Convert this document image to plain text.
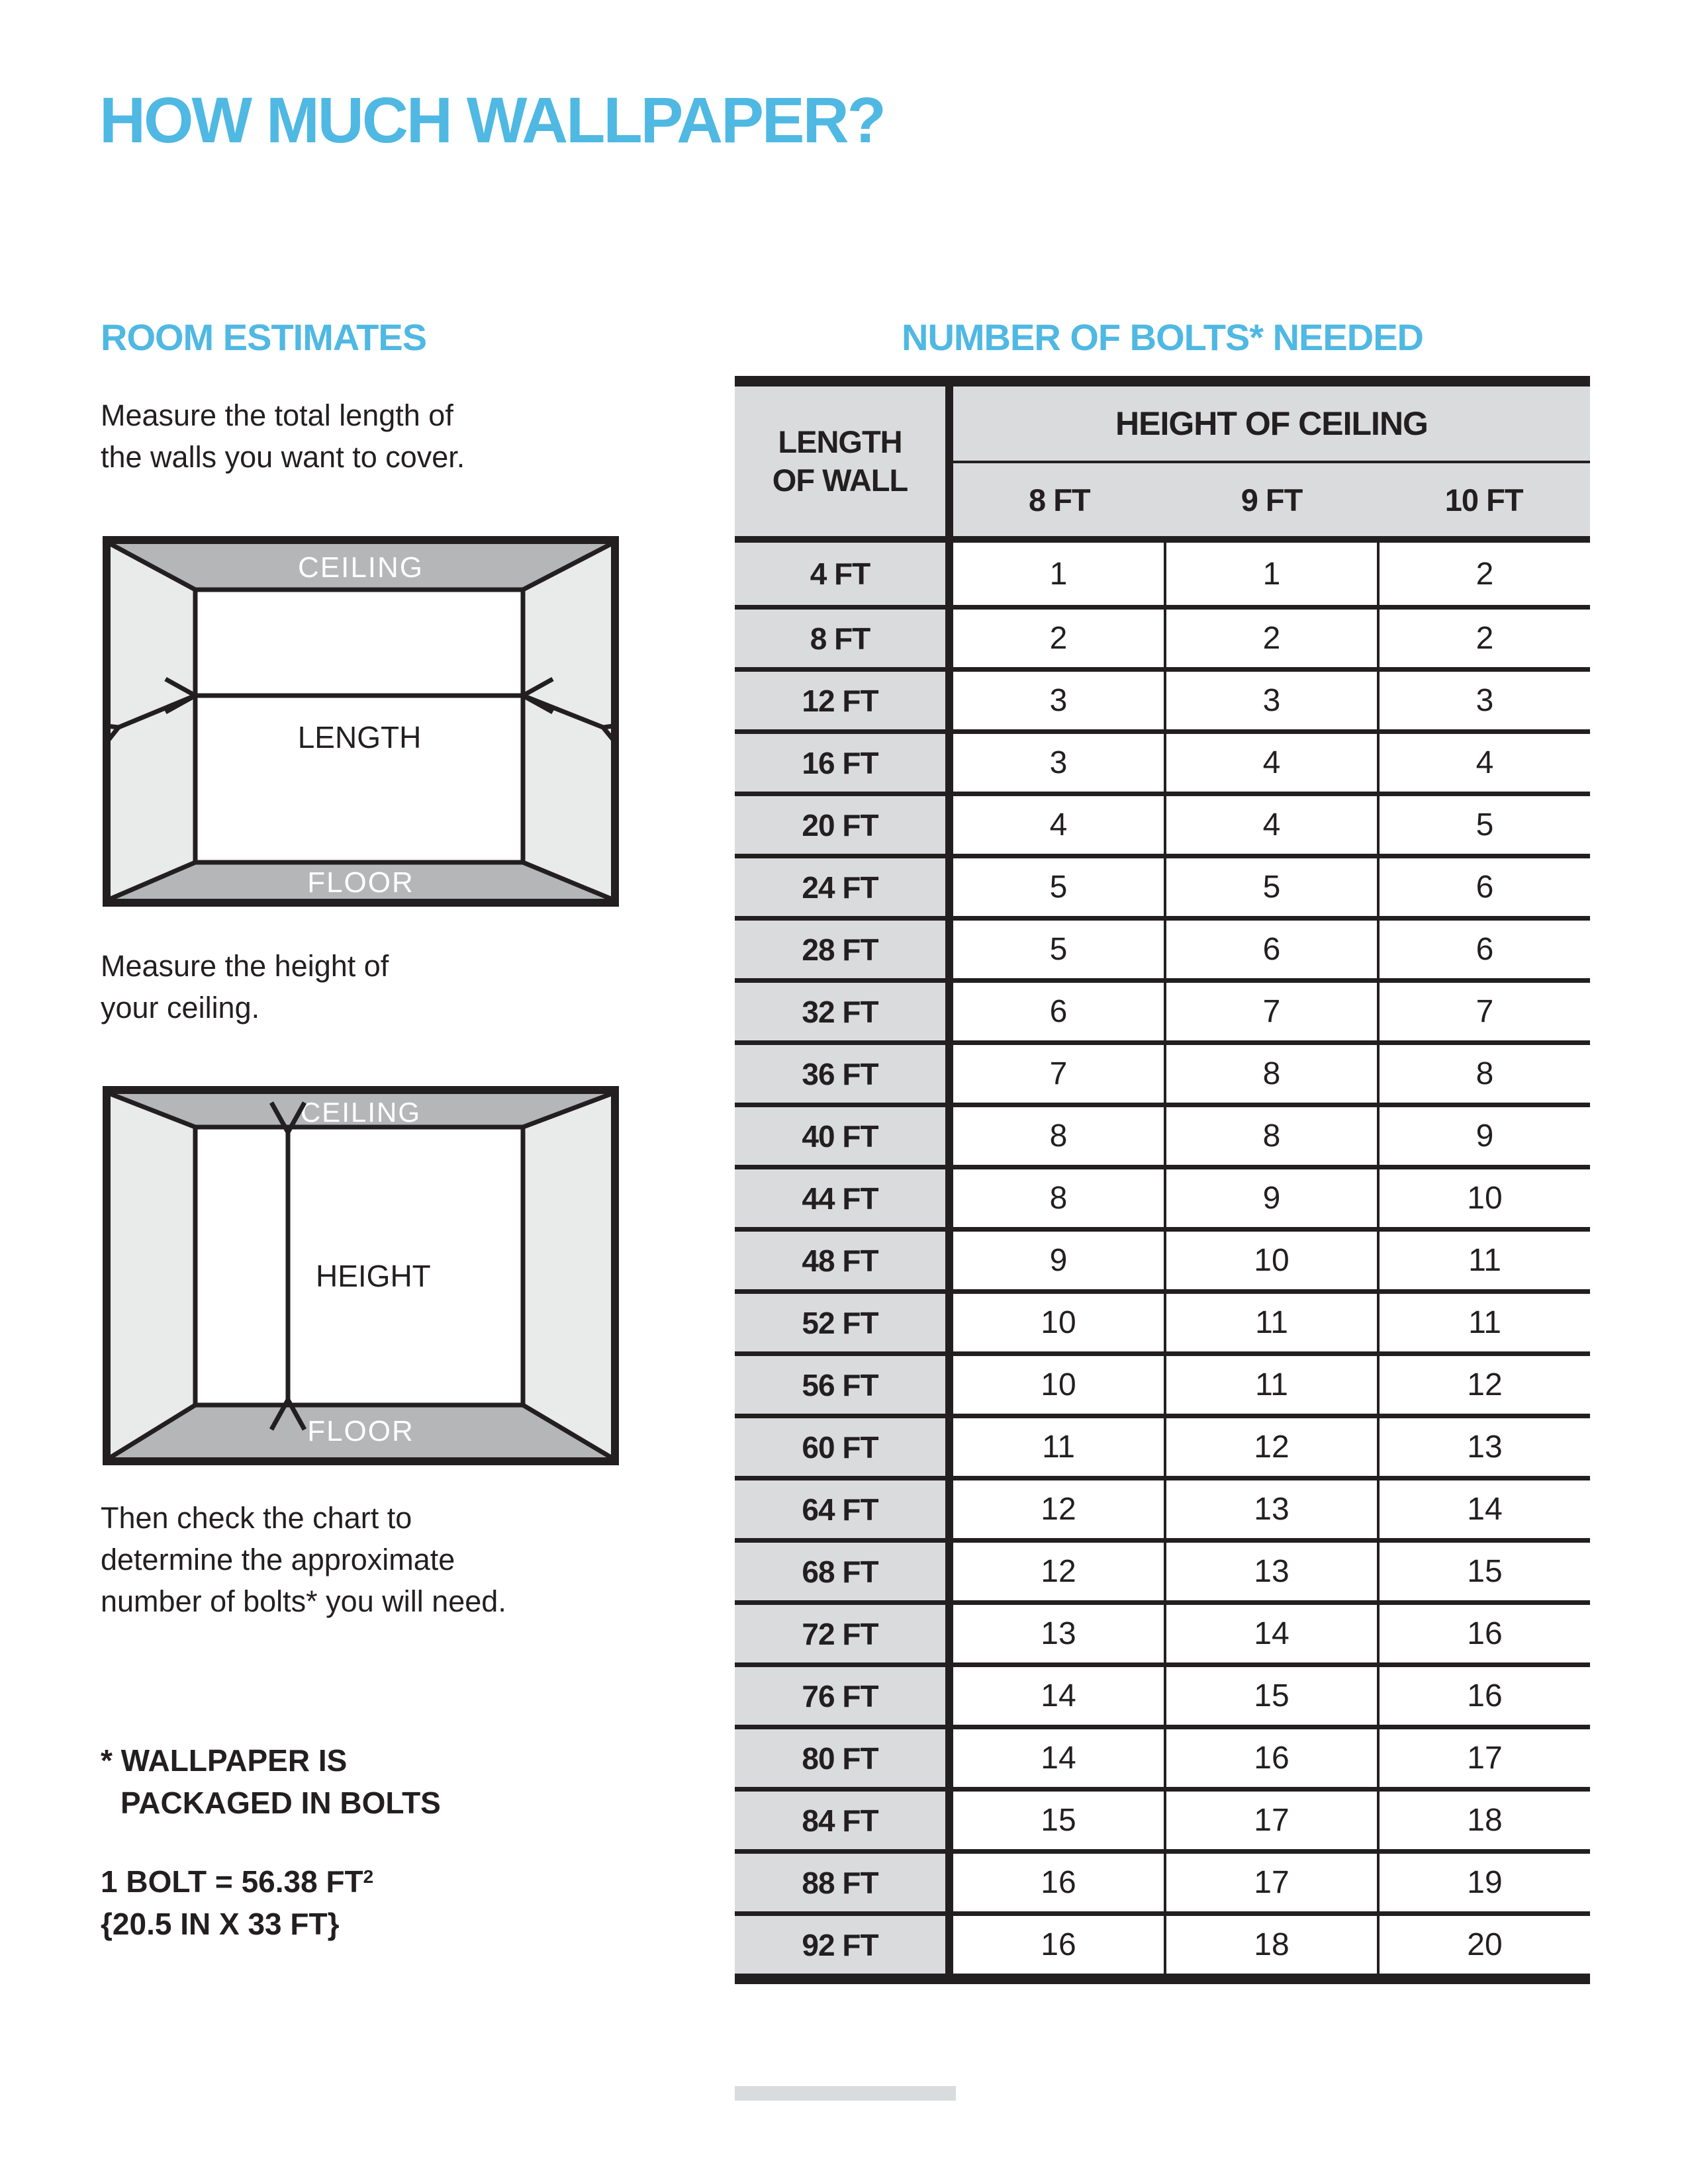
HOW MUCH WALLPAPER?
ROOM ESTIMATES	NUMBER OF BOLTS* NEEDED
Measure the total length of
the walls you want to cover.
CEILING
FLOOR
LENGTH
Measure the height of
your ceiling.
CEILING
FLOOR
HEIGHT
Then check the chart to
determine the approximate
number of bolts* you will need.
* WALLPAPER IS
PACKAGED IN BOLTS
1 BOLT = 56.38 $FT^2$
{20.5 IN X 33 FT}
LENGTH
OF WALL
HEIGHT OF CEILING
8 FT	9 FT	10 FT
4 FT	1	1	2
8 FT	2	2	2
12 FT	3	3	3
16 FT	3	4	4
20 FT	4	4	5
24 FT	5	5	6
28 FT	5	6	6
32 FT	6	7	7
36 FT	7	8	8
40 FT	8	8	9
44 FT	8	9	10
48 FT	9	10	11
52 FT	10	11	11
56 FT	10	11	12
60 FT	11	12	13
64 FT	12	13	14
68 FT	12	13	15
72 FT	13	14	16
76 FT	14	15	16
80 FT	14	16	17
84 FT	15	17	18
88 FT	16	17	19
92 FT	16	18	20
